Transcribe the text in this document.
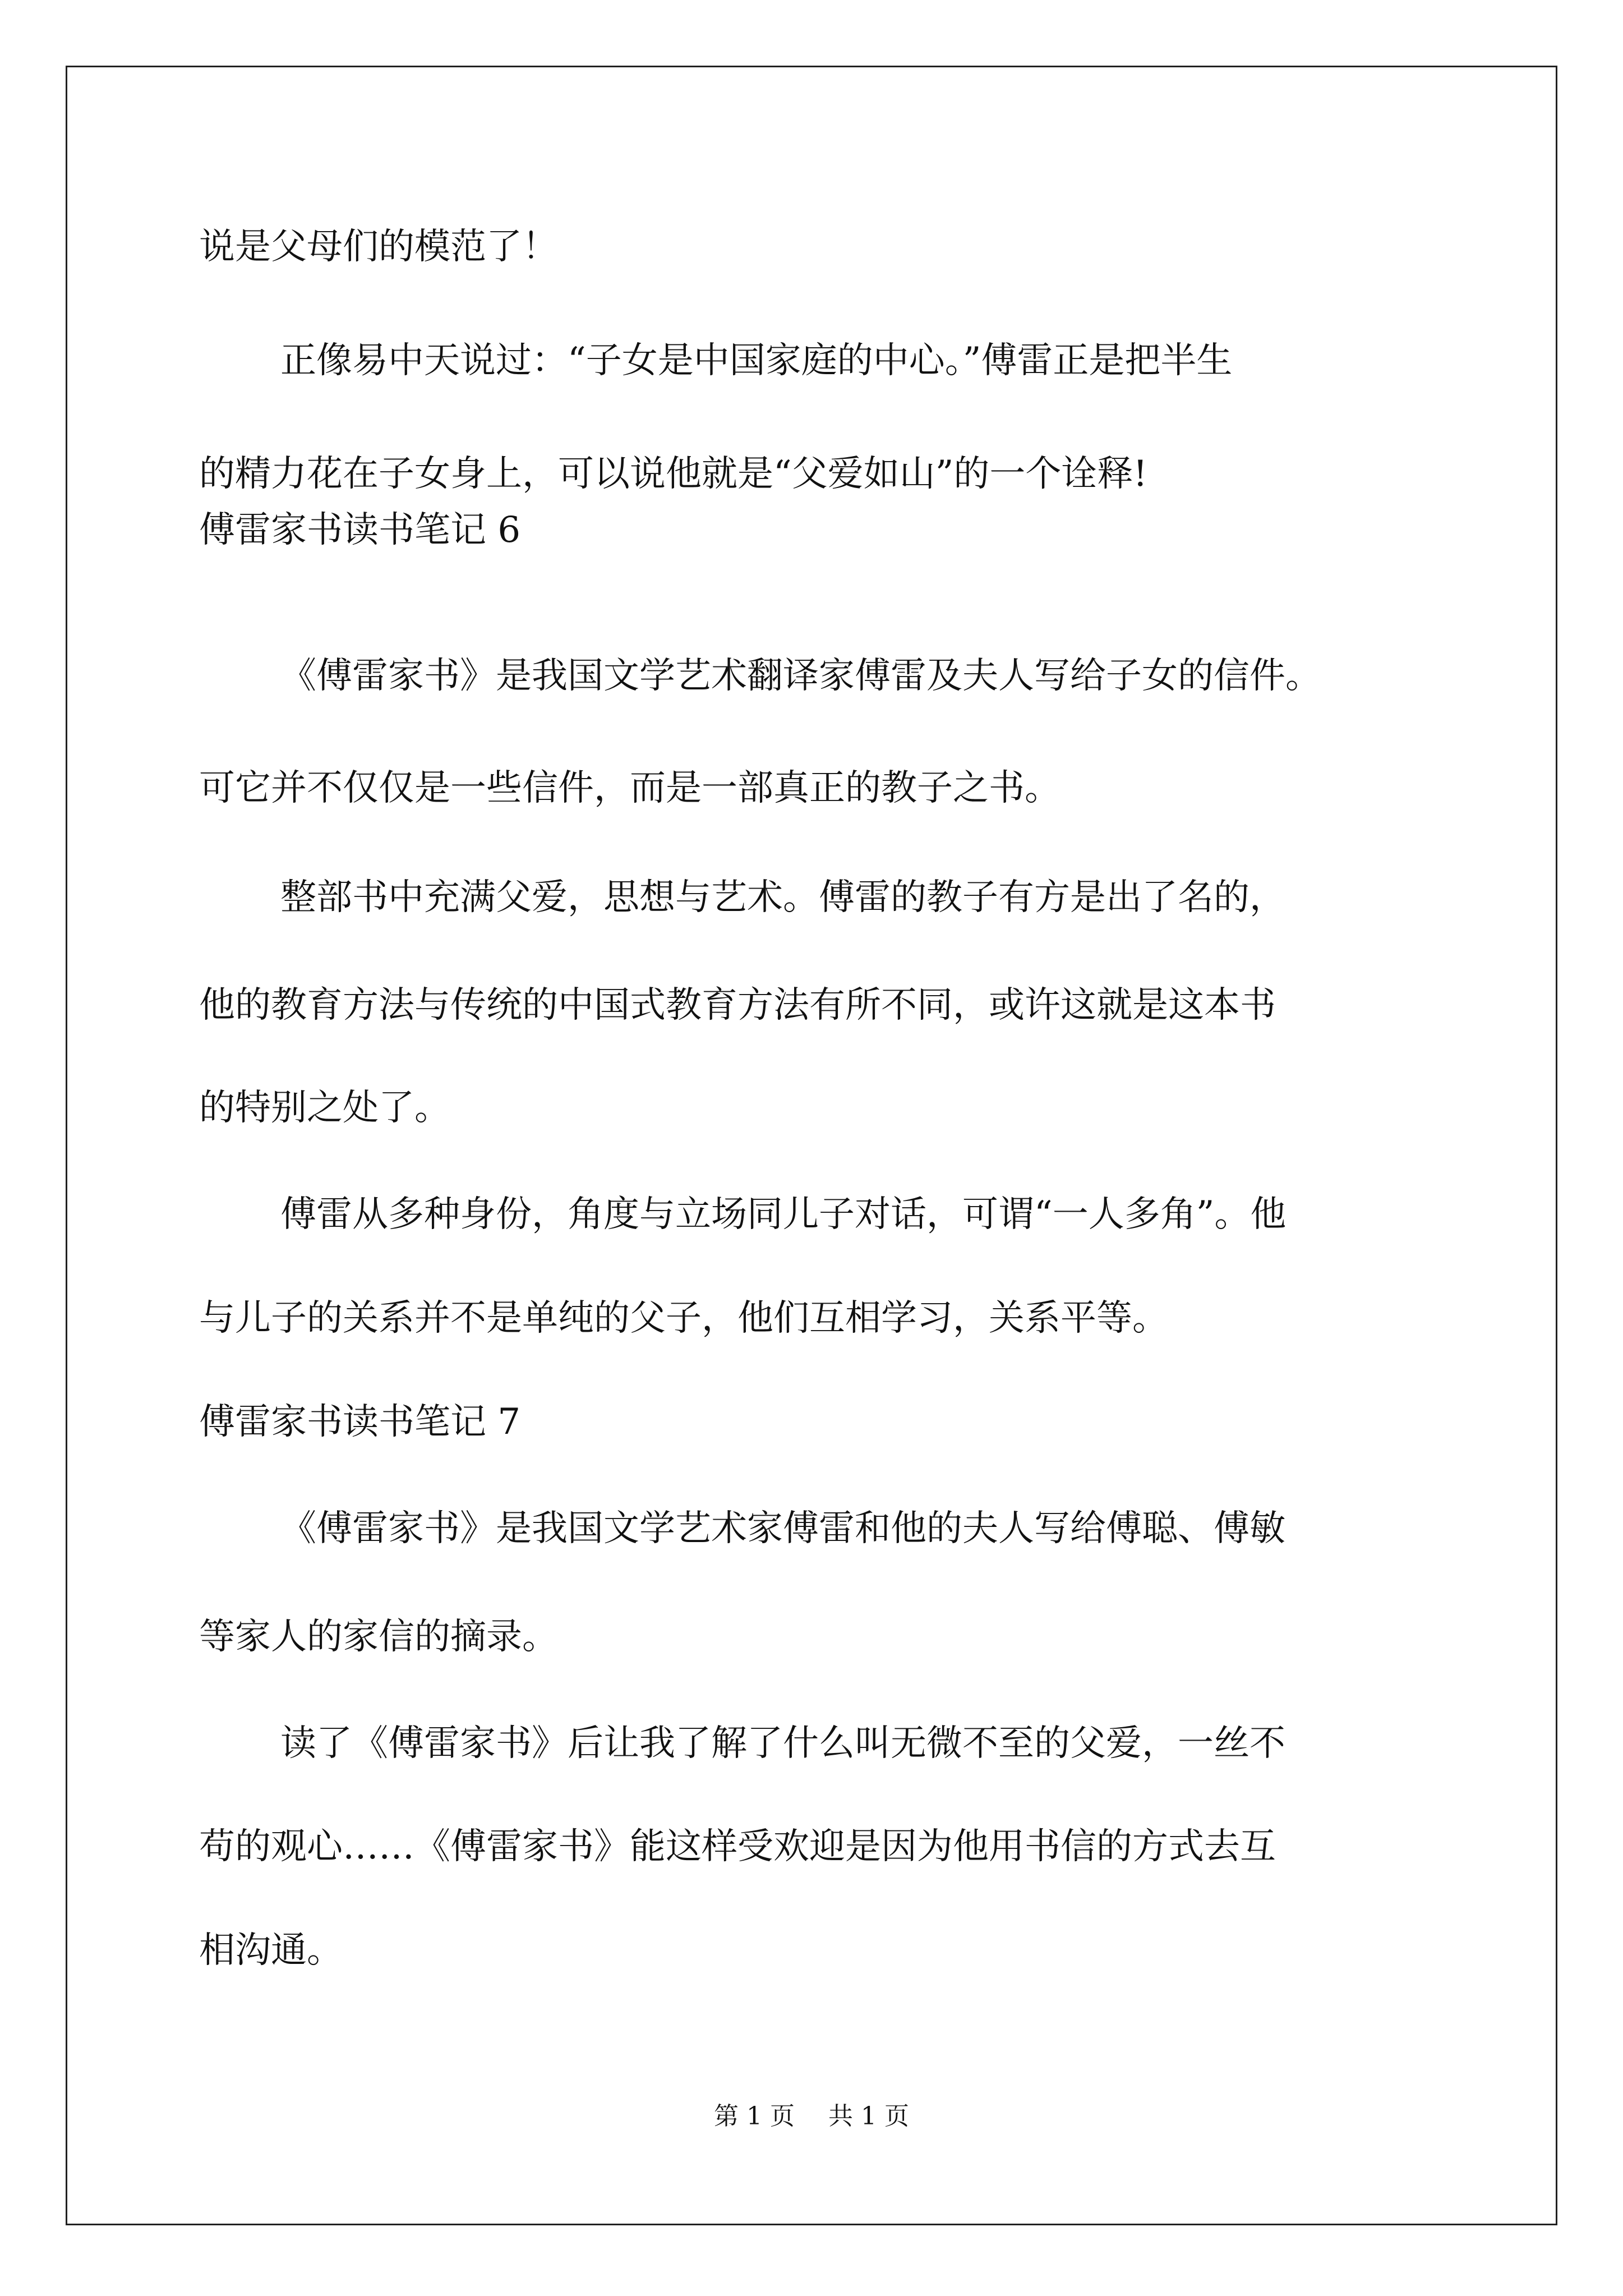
说是父母们的模范了！
正像易中天说过：“子女是中国家庭的中心。”傅雷正是把半生
的精力花在子女身上，可以说他就是“父爱如山”的一个诠释!
傅雷家书读书笔记 6
《傅雷家书》是我国文学艺术翻译家傅雷及夫人写给子女的信件。
可它并不仅仅是一些信件，而是一部真正的教子之书。
整部书中充满父爱，思想与艺术。傅雷的教子有方是出了名的，
他的教育方法与传统的中国式教育方法有所不同，或许这就是这本书
的特别之处了。
傅雷从多种身份，角度与立场同儿子对话，可谓“一人多角”。他
与儿子的关系并不是单纯的父子，他们互相学习，关系平等。
傅雷家书读书笔记 7
《傅雷家书》是我国文学艺术家傅雷和他的夫人写给傅聪、傅敏
等家人的家信的摘录。
读了《傅雷家书》后让我了解了什么叫无微不至的父爱，一丝不
苟的观心……《傅雷家书》能这样受欢迎是因为他用书信的方式去互
相沟通。
第 1 页 共 1 页
